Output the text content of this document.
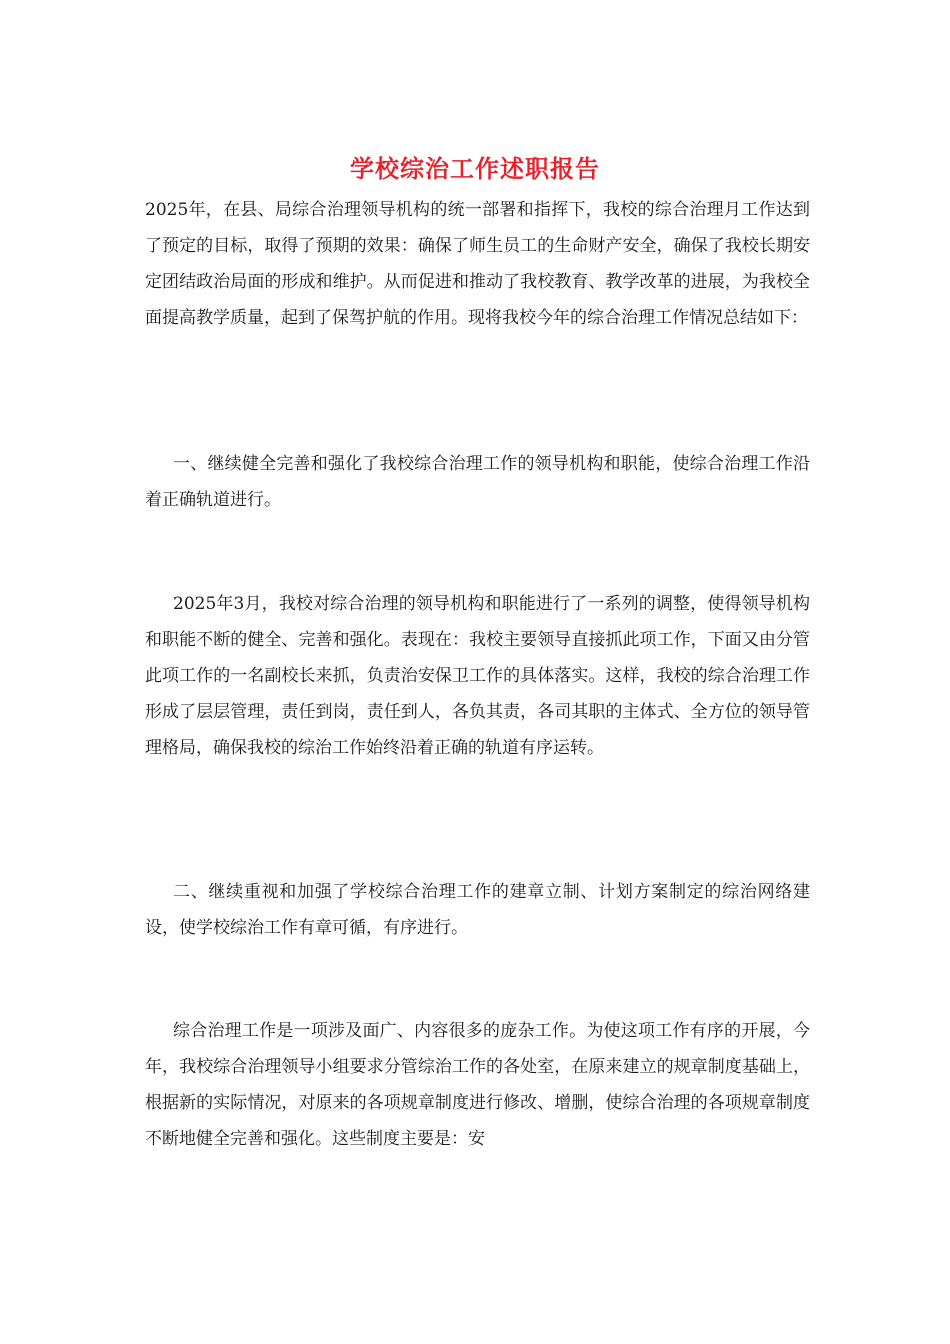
学校综治工作述职报告

2025年，在县、局综合治理领导机构的统一部署和指挥下，我校的综合治理月工作达到了预定的目标，取得了预期的效果：确保了师生员工的生命财产安全，确保了我校长期安定团结政治局面的形成和维护。从而促进和推动了我校教育、教学改革的进展，为我校全面提高教学质量，起到了保驾护航的作用。现将我校今年的综合治理工作情况总结如下：

一、继续健全完善和强化了我校综合治理工作的领导机构和职能，使综合治理工作沿着正确轨道进行。

2025年3月，我校对综合治理的领导机构和职能进行了一系列的调整，使得领导机构和职能不断的健全、完善和强化。表现在：我校主要领导直接抓此项工作，下面又由分管此项工作的一名副校长来抓，负责治安保卫工作的具体落实。这样，我校的综合治理工作形成了层层管理，责任到岗，责任到人，各负其责，各司其职的主体式、全方位的领导管理格局，确保我校的综治工作始终沿着正确的轨道有序运转。

二、继续重视和加强了学校综合治理工作的建章立制、计划方案制定的综治网络建设，使学校综治工作有章可循，有序进行。

综合治理工作是一项涉及面广、内容很多的庞杂工作。为使这项工作有序的开展，今年，我校综合治理领导小组要求分管综治工作的各处室，在原来建立的规章制度基础上，根据新的实际情况，对原来的各项规章制度进行修改、增删，使综合治理的各项规章制度不断地健全完善和强化。这些制度主要是：安
